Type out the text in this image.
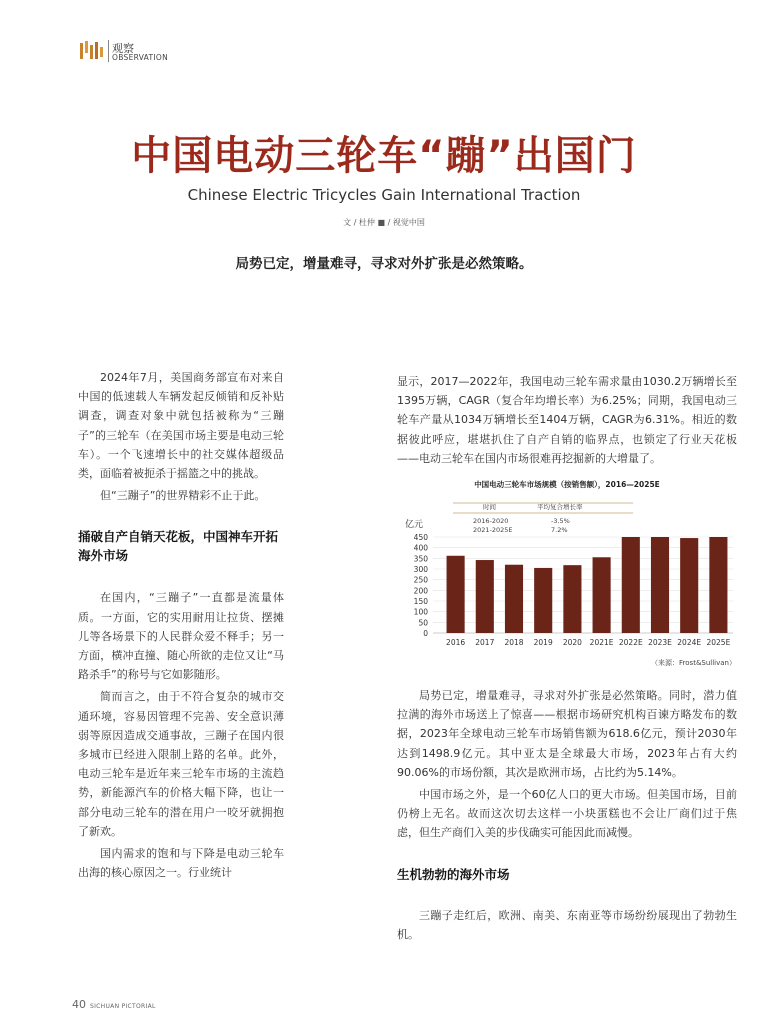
观察
OBSERVATION
中国电动三轮车“蹦”出国门
Chinese Electric Tricycles Gain International Traction
文 / 杜仲 ■ / 视觉中国
局势已定，增量难寻，寻求对外扩张是必然策略。

2024年7月，美国商务部宣布对来自中国的低速载人车辆发起反倾销和反补贴调查，调查对象中就包括被称为“三蹦子”的三轮车（在美国市场主要是电动三轮车）。一个飞速增长中的社交媒体超级品类，面临着被扼杀于摇篮之中的挑战。

但“三蹦子”的世界精彩不止于此。

捅破自产自销天花板，中国神车开拓海外市场

在国内，“三蹦子”一直都是流量体质。一方面，它的实用耐用让拉货、摆摊儿等各场景下的人民群众爱不释手；另一方面，横冲直撞、随心所欲的走位又让“马路杀手”的称号与它如影随形。

简而言之，由于不符合复杂的城市交通环境，容易因管理不完善、安全意识薄弱等原因造成交通事故，三蹦子在国内很多城市已经进入限制上路的名单。此外，电动三轮车是近年来三轮车市场的主流趋势，新能源汽车的价格大幅下降，也让一部分电动三轮车的潜在用户一咬牙就拥抱了新欢。

国内需求的饱和与下降是电动三轮车出海的核心原因之一。行业统计

显示，2017—2022年，我国电动三轮车需求量由1030.2万辆增长至1395万辆，CAGR（复合年均增长率）为6.25%；同期，我国电动三轮车产量从1034万辆增长至1404万辆，CAGR为6.31%。相近的数据彼此呼应，堪堪扒住了自产自销的临界点，也锁定了行业天花板——电动三轮车在国内市场很难再挖掘新的大增量了。

中国电动三轮车市场规模（按销售额），2016—2025E
亿元
0
50
100
150
200
250
300
350
400
450
2016 2017 2018 2019 2020 2021E 2022E 2023E 2024E 2025E
时间	平均复合增长率
2016-2020	-3.5%
2021-2025E	7.2%
（来源：Frost&Sullivan）

局势已定，增量难寻，寻求对外扩张是必然策略。同时，潜力值拉满的海外市场送上了惊喜——根据市场研究机构百谏方略发布的数据，2023年全球电动三轮车市场销售额为618.6亿元，预计2030年达到1498.9亿元。其中亚太是全球最大市场，2023年占有大约90.06%的市场份额，其次是欧洲市场，占比约为5.14%。

中国市场之外，是一个60亿人口的更大市场。但美国市场，目前仍榜上无名。故而这次切去这样一小块蛋糕也不会让厂商们过于焦虑，但生产商们入美的步伐确实可能因此而减慢。

生机勃勃的海外市场

三蹦子走红后，欧洲、南美、东南亚等市场纷纷展现出了勃勃生机。

40 SICHUAN PICTORIAL
